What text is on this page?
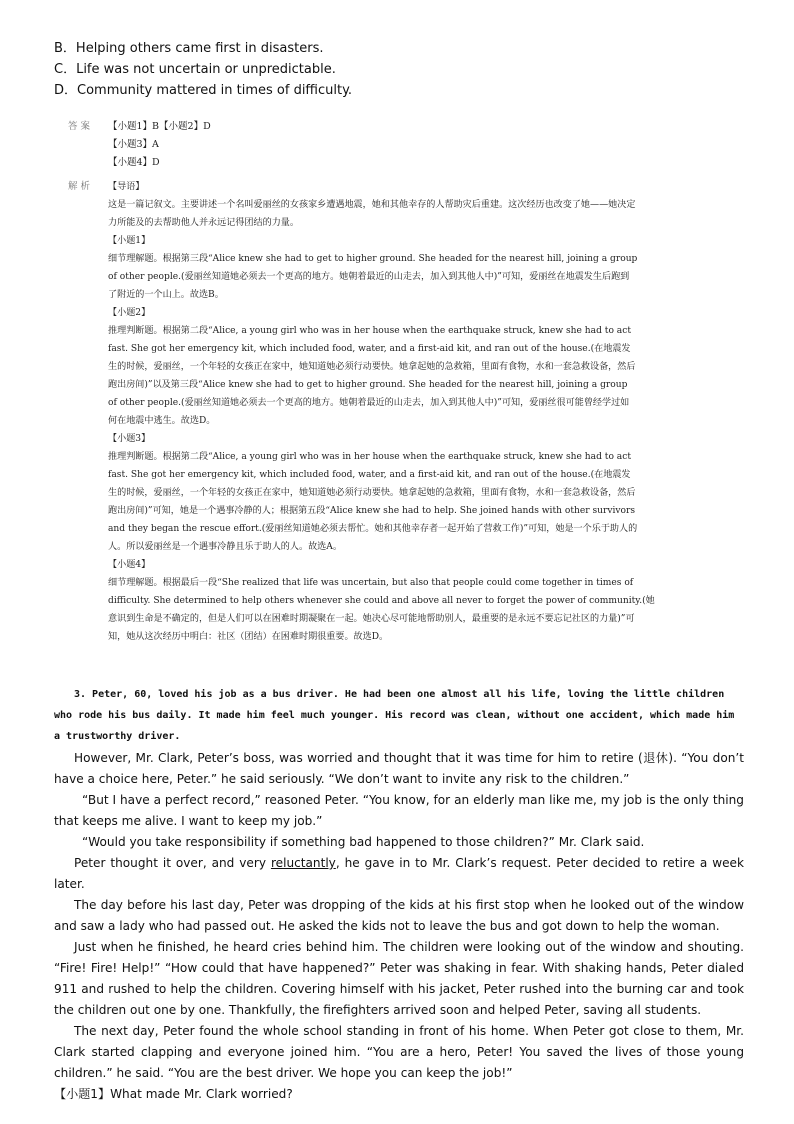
B．Helping others came first in disasters.
C．Life was not uncertain or unpredictable.
D．Community mattered in times of difficulty.
答案	【小题1】B【小题2】D
【小题3】A
【小题4】D
解析	【导语】
这是一篇记叙文。主要讲述一个名叫爱丽丝的女孩家乡遭遇地震，她和其他幸存的人帮助灾后重建。这次经历也改变了她——她决定
力所能及的去帮助他人并永远记得团结的力量。
【小题1】
细节理解题。根据第三段“Alice knew she had to get to higher ground. She headed for the nearest hill, joining a group
of other people.(爱丽丝知道她必须去一个更高的地方。她朝着最近的山走去，加入到其他人中)”可知，爱丽丝在地震发生后跑到
了附近的一个山上。故选B。
【小题2】
推理判断题。根据第二段“Alice, a young girl who was in her house when the earthquake struck, knew she had to act
fast. She got her emergency kit, which included food, water, and a first-aid kit, and ran out of the house.(在地震发
生的时候，爱丽丝，一个年轻的女孩正在家中，她知道她必须行动要快。她拿起她的急救箱，里面有食物，水和一套急救设备，然后
跑出房间)”以及第三段“Alice knew she had to get to higher ground. She headed for the nearest hill, joining a group
of other people.(爱丽丝知道她必须去一个更高的地方。她朝着最近的山走去，加入到其他人中)”可知，爱丽丝很可能曾经学过如
何在地震中逃生。故选D。
【小题3】
推理判断题。根据第二段“Alice, a young girl who was in her house when the earthquake struck, knew she had to act
fast. She got her emergency kit, which included food, water, and a first-aid kit, and ran out of the house.(在地震发
生的时候，爱丽丝，一个年轻的女孩正在家中，她知道她必须行动要快。她拿起她的急救箱，里面有食物，水和一套急救设备，然后
跑出房间)”可知，她是一个遇事冷静的人；根据第五段“Alice knew she had to help. She joined hands with other survivors
and they began the rescue effort.(爱丽丝知道她必须去帮忙。她和其他幸存者一起开始了营救工作)”可知，她是一个乐于助人的
人。所以爱丽丝是一个遇事冷静且乐于助人的人。故选A。
【小题4】
细节理解题。根据最后一段“She realized that life was uncertain, but also that people could come together in times of
difficulty. She determined to help others whenever she could and above all never to forget the power of community.(她
意识到生命是不确定的，但是人们可以在困难时期凝聚在一起。她决心尽可能地帮助别人，最重要的是永远不要忘记社区的力量)”可
知，她从这次经历中明白：社区（团结）在困难时期很重要。故选D。

3. Peter, 60, loved his job as a bus driver. He had been one almost all his life, loving the little children

who rode his bus daily. It made him feel much younger. His record was clean, without one accident, which made him

a trustworthy driver.

However, Mr. Clark, Peter’s boss, was worried and thought that it was time for him to retire (退休). “You don’t have a choice here, Peter.” he said seriously. “We don’t want to invite any risk to the children.”

“But I have a perfect record,” reasoned Peter. “You know, for an elderly man like me, my job is the only thing that keeps me alive. I want to keep my job.”

“Would you take responsibility if something bad happened to those children?” Mr. Clark said.

Peter thought it over, and very reluctantly, he gave in to Mr. Clark’s request. Peter decided to retire a week later.

The day before his last day, Peter was dropping of the kids at his first stop when he looked out of the window and saw a lady who had passed out. He asked the kids not to leave the bus and got down to help the woman.

Just when he finished, he heard cries behind him. The children were looking out of the window and shouting. “Fire! Fire! Help!” “How could that have happened?” Peter was shaking in fear. With shaking hands, Peter dialed 911 and rushed to help the children. Covering himself with his jacket, Peter rushed into the burning car and took the children out one by one. Thankfully, the firefighters arrived soon and helped Peter, saving all students.

The next day, Peter found the whole school standing in front of his home. When Peter got close to them, Mr. Clark started clapping and everyone joined him. “You are a hero, Peter! You saved the lives of those young children.” he said. “You are the best driver. We hope you can keep the job!”

【小题1】What made Mr. Clark worried?
